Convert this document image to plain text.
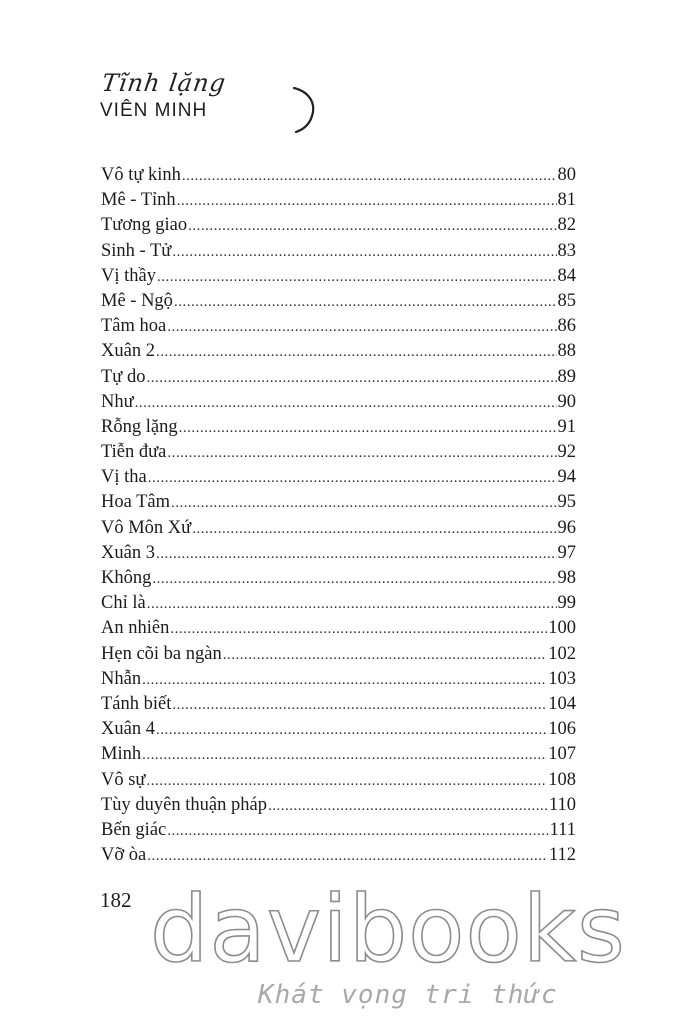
Tĩnh lặng
VIÊN MINH
Vô tự kinh .....	80
Mê - Tỉnh .....	81
Tương giao .....	82
Sinh - Tử .....	83
Vị thầy .....	84
Mê - Ngộ .....	85
Tâm hoa .....	86
Xuân 2 .....	88
Tự do .....	89
Như .....	90
Rỗng lặng .....	91
Tiễn đưa .....	92
Vị tha .....	94
Hoa Tâm .....	95
Vô Môn Xứ .....	96
Xuân 3 .....	97
Không .....	98
Chỉ là .....	99
An nhiên .....	100
Hẹn cõi ba ngàn .....	102
Nhẫn .....	103
Tánh biết .....	104
Xuân 4 .....	106
Minh .....	107
Vô sự .....	108
Tùy duyên thuận pháp .....	110
Bến giác .....	111
Vỡ òa .....	112
182 davibooks
Khát vọng tri thức
